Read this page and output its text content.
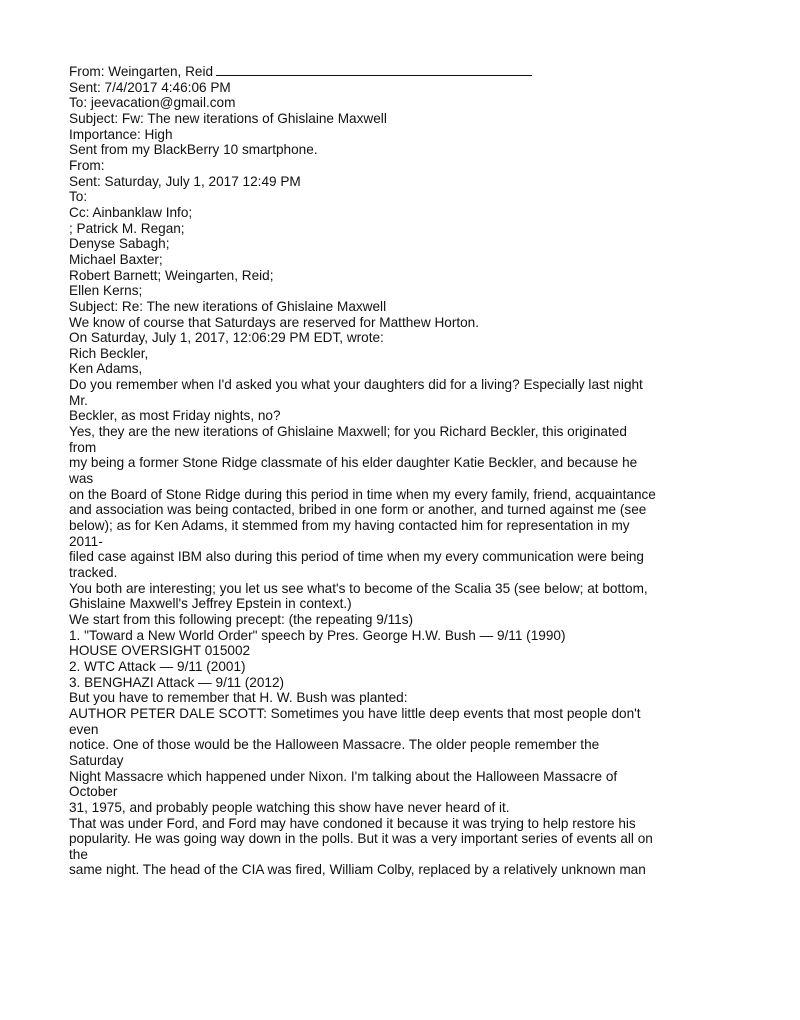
From: Weingarten, Reid
Sent: 7/4/2017 4:46:06 PM
To: jeevacation@gmail.com
Subject: Fw: The new iterations of Ghislaine Maxwell
Importance: High
Sent from my BlackBerry 10 smartphone.
From:
Sent: Saturday, July 1, 2017 12:49 PM
To:
Cc: Ainbanklaw Info;
; Patrick M. Regan;
Denyse Sabagh;
Michael Baxter;
Robert Barnett; Weingarten, Reid;
Ellen Kerns;
Subject: Re: The new iterations of Ghislaine Maxwell
We know of course that Saturdays are reserved for Matthew Horton.
On Saturday, July 1, 2017, 12:06:29 PM EDT, wrote:
Rich Beckler,
Ken Adams,
Do you remember when I'd asked you what your daughters did for a living? Especially last night
Mr.
Beckler, as most Friday nights, no?
Yes, they are the new iterations of Ghislaine Maxwell; for you Richard Beckler, this originated
from
my being a former Stone Ridge classmate of his elder daughter Katie Beckler, and because he
was
on the Board of Stone Ridge during this period in time when my every family, friend, acquaintance
and association was being contacted, bribed in one form or another, and turned against me (see
below); as for Ken Adams, it stemmed from my having contacted him for representation in my
2011-
filed case against IBM also during this period of time when my every communication were being
tracked.
You both are interesting; you let us see what's to become of the Scalia 35 (see below; at bottom,
Ghislaine Maxwell's Jeffrey Epstein in context.)
We start from this following precept: (the repeating 9/11s)
1. "Toward a New World Order" speech by Pres. George H.W. Bush — 9/11 (1990)
HOUSE OVERSIGHT 015002
2. WTC Attack — 9/11 (2001)
3. BENGHAZI Attack — 9/11 (2012)
But you have to remember that H. W. Bush was planted:
AUTHOR PETER DALE SCOTT: Sometimes you have little deep events that most people don't
even
notice. One of those would be the Halloween Massacre. The older people remember the
Saturday
Night Massacre which happened under Nixon. I'm talking about the Halloween Massacre of
October
31, 1975, and probably people watching this show have never heard of it.
That was under Ford, and Ford may have condoned it because it was trying to help restore his
popularity. He was going way down in the polls. But it was a very important series of events all on
the
same night. The head of the CIA was fired, William Colby, replaced by a relatively unknown man
